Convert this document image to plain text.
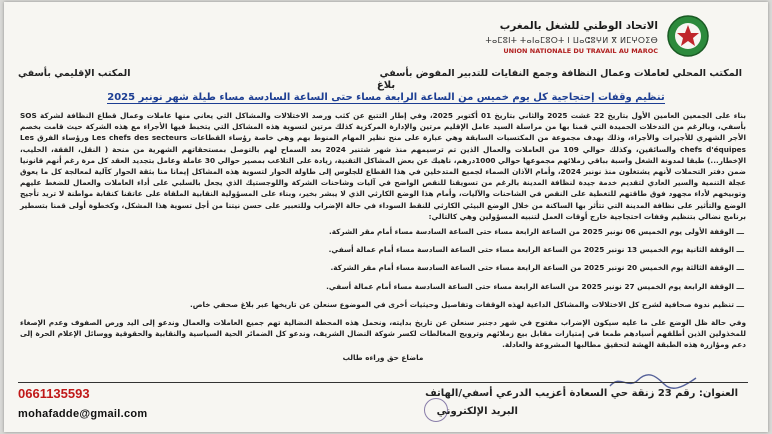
الاتحاد الوطني للشغل بالمغرب
ⵜⴰⵎⵓⵏⵜ ⵜⴰⵏⴰⵎⵓⵔⵜ ⵏ ⵡⴰⵛⵓⵖⵍ ⴳ ⵍⵎⵖⵔⵉⴱ
UNION NATIONALE DU TRAVAIL AU MAROC
المكتب المحلي لعاملات وعمال النظافة وجمع النفايات للتدبير المفوض بأسفي
المكتب الإقليمي بأسفي
بلاغ
تنظيم وقفات إحتجاجية كل يوم خميس من الساعة الرابعة مساء حتى الساعة السادسة مساء طيلة شهر نونبر 2025

بناء على الجمعين العامين الأول بتاريخ 22 غشت 2025 والثاني بتاريخ 01 أكتوبر 2025، وفي إطار التتبع عن كثب ورصد الاختلالات والمشاكل التي يعاني منها عاملات وعمال قطاع النظافة لشركة SOS بأسفي، وبالرغم من التدخلات الحميدة التي قمنا بها من مراسلة السيد عامل الإقليم مرتين والإدارة المركزية كذلك مرتين لتسوية هذه المشاكل التي يتخبط فيها الأجراء مع هذه الشركة حيث قامت بخصم الأجر الشهري للأجيرات والأجراء، وذلك بهدف مجموعة من المكتسبات السابقة وهي عبارة على منح نظير المهام المنوط بهم وهي خاصة رؤساء القطاعات Les chefs des secteurs ورؤساء الفرق Les chefs d'équipes والسائقين، وكذلك حوالي 109 من العاملات والعمال الذين تم ترسيمهم منذ شهر شتنبر 2024 بعد السماح لهم بالتوصل بمستحقاتهم الشهرية من منحة ( النقل، الفقة، الحليب، الإخطار...) طبقا لمدونة الشغل واسبة بباقي زملائهم مجموعها حوالي 1000درهم، ناهيك عن بعض المشاكل التقنية، زيادة على التلاعب بمصير حوالي 30 عاملة وعامل بتجديد العقد كل مرة رغم أنهم قانونيا ضمن دفتر التحملات لأنهم يشتغلون منذ نونبر 2024، وأمام الآذان الصماء لجميع المتدخلين في هذا القطاع للجلوس إلى طاولة الحوار لتسوية هذه المشاكل إيمانا منا بثقة الحوار كآلية لمعالجة كل ما يعوق عجلة التنمية والسير العادي لتقديم خدمة جيدة لنظافة المدينة بالرغم من تسويقنا للنقص الواضح في آليات وشاحنات الشركة واللوجستيك الذي يجعل بالسلبي على أداء العاملات والعمال للضغط عليهم وتوبيخهم لأداء مجهود فوق طاقتهم للتغطية على النقص في الشاحنات والآليات، وأمام هذا الوضع الكارثي الذي لا يبشر بخير، وبناء على المسؤولية النقابية الملقاة على عاتقنا كنقابة مواطنة لا تريد تأجيج الوضع والتأثير على نظافة المدينة التي تتأثر بها الساكنة من خلال الوضع البيئي الكارثي للنقط السوداء في حالة الإضراب وللتعبير على حسن نيتنا من أجل تسوية هذا المشكل، وكخطوة أولى قمنا بتسطير برنامج نضالي بتنظيم وقفات احتجاجية خارج أوقات العمل لتنبيه المسؤولين وهي كالتالي:

ـــ الوقفة الأولى يوم الخميس 06 نونبر 2025 من الساعة الرابعة مساء حتى الساعة السادسة مساء أمام مقر الشركة.
ـــ الوقفة الثانية يوم الخميس 13 نونبر 2025 من الساعة الرابعة مساء حتى الساعة السادسة مساء أمام عمالة أسفي.
ـــ الوقفة الثالثة يوم الخميس 20 نونبر 2025 من الساعة الرابعة مساء حتى الساعة السادسة مساء أمام مقر الشركة.
ـــ الوقفة الرابعة يوم الخميس 27 نونبر 2025 من الساعة الرابعة مساء حتى الساعة السادسة مساء أمام عمالة أسفي.
ـــ تنظيم ندوة صحافية لشرح كل الاختلالات والمشاكل الداعية لهذه الوقفات وتفاصيل وحيثيات أخرى في الموضوع سنعلن عن تاريخها عبر بلاغ صحفي خاص.

وفي حالة ظل الوضع على ما عليه سيكون الإضراب مفتوح في شهر دجنبر سنعلن عن تاريخ بدايته، ونحمل هذه المحطة النضالية تهم جميع العاملات والعمال وندعو إلى اليد ورص الصفوف وعدم الإصغاء للمخذولين الذين أطلقهم أسيادهم طمعا في إمتيازات مقابل بيع زملائهم وترويج المغالطات لكسر شوكة النضال الشريف، وندعو كل الضمائر الحية السياسية والنقابية والحقوقية ووسائل الإعلام الحرة إلى دعم ومؤازرة هذه الطبقة الهشة لتحقيق مطالبها المشروعة والعادلة.

ماضاع حق وراءه طالب
0661135593	العنوان: رقم 23 زنقة حي السعادة أعزيب الدرعي أسفي/الهاتف
البريد الإلكتروني
mohafadde@gmail.com
